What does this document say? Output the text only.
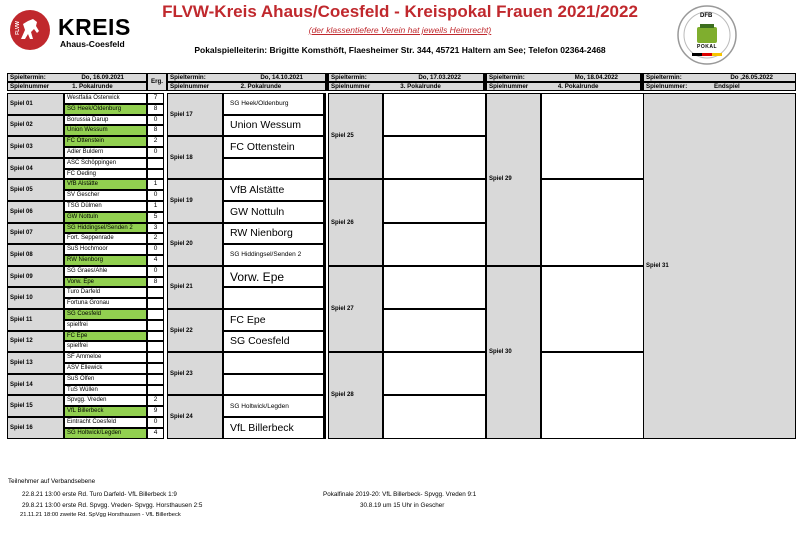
FLVW KREIS
Ahaus-Coesfeld
FLVW-Kreis Ahaus/Coesfeld - Kreispokal Frauen 2021/2022
(der klassentiefere Verein hat jeweils Heimrecht)
Pokalspielleiterin: Brigitte Komsthöft, Flaesheimer Str. 344, 45721 Haltern am See; Telefon 02364-2468
DFB
POKAL
Spieltermin:	Do, 16.09.2021
Erg.
Spielnummer	1. Pokalrunde
Spieltermin:	Do, 14.10.2021
Spielnummer	2. Pokalrunde
Spieltermin:	Do, 17.03.2022
Spielnummer	3. Pokalrunde
Spieltermin:	Mo, 18.04.2022
Spielnummer	4. Pokalrunde
Spieltermin:	Do ,26.05.2022
Spielnummer:	Endspiel
Spiel 01
Westfalia Osterwick	7
SG Heek/Oldenburg	8
Spiel 02
Borussia Darup	0
Union Wessum	8
Spiel 03
FC Ottenstein	2
Adler Buldern	0
Spiel 04
ASC Schöppingen
FC Oeding
Spiel 05
VfB Alstätte	1
SV Gescher	0
Spiel 06
TSG Dülmen	1
GW Nottuln	5
Spiel 07
SG Hiddingsel/Senden 2	3
Fort. Seppenrade	2
Spiel 08
SuS Hochmoor	0
RW Nienborg	4
Spiel 09
SG Graes/Ahle	0
Vorw. Epe	8
Spiel 10
Turo Darfeld
Fortuna Gronau
Spiel 11
SG Coesfeld
spielfrei
Spiel 12
FC Epe
spielfrei
Spiel 13
SF Ammeloe
ASV Ellewick
Spiel 14
SuS Olfen
TuS Wüllen
Spiel 15
Spvgg. Vreden	2
VfL Billerbeck	9
Spiel 16
Eintracht Coesfeld	0
SG Holtwick/Legden	4
Spiel 17
SG Heek/Oldenburg
Union Wessum
Spiel 18
FC Ottenstein
Spiel 19
VfB Alstätte
GW Nottuln
Spiel 20
RW Nienborg
SG Hiddingsel/Senden 2
Spiel 21
Vorw. Epe
Spiel 22
FC Epe
SG Coesfeld
Spiel 23
Spiel 24
SG Holtwick/Legden
VfL Billerbeck
Spiel 25
Spiel 26
Spiel 27
Spiel 28
Spiel 29
Spiel 30
Spiel 31
Teilnehmer auf Verbandsebene
22.8.21 13:00 erste Rd. Turo Darfeld- VfL Billerbeck 1:9
29.8.21 13:00 erste Rd. Spvgg. Vreden- Spvgg. Horsthausen 2:5
21.11.21 18:00 zweite Rd. SpVgg Horsthausen - VfL Billerbeck
Pokalfinale 2019-20: VfL Billerbeck- Spvgg. Vreden 9:1
30.8.19 um 15 Uhr in Gescher
